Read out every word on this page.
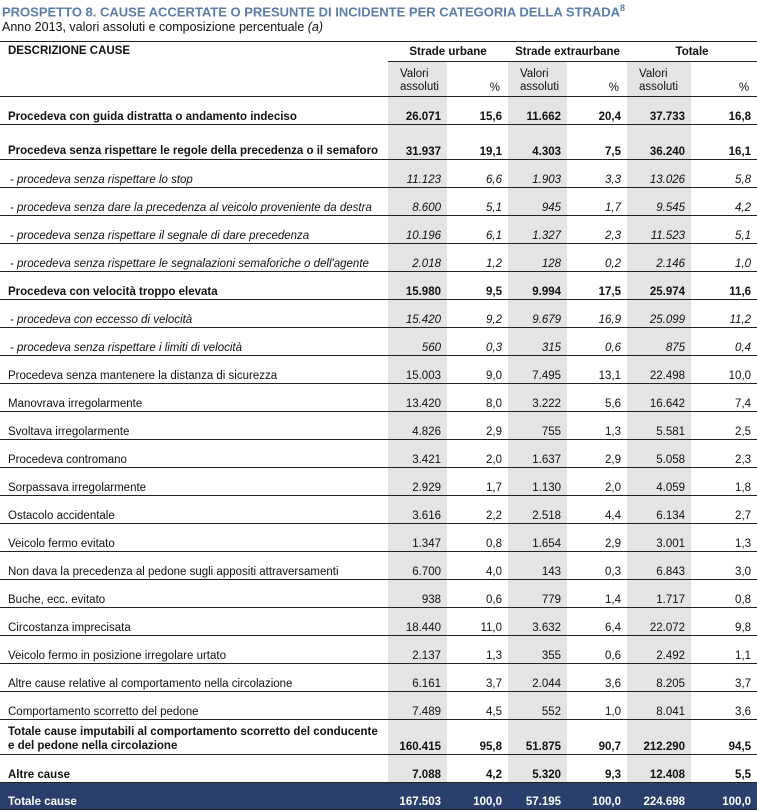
PROSPETTO 8. CAUSE ACCERTATE O PRESUNTE DI INCIDENTE PER CATEGORIA DELLA STRADA$^8$
Anno 2013, valori assoluti e composizione percentuale (a)
DESCRIZIONE CAUSE	Strade urbane		Strade extraurbane		Totale	
	Valori assoluti	%	Valori assoluti	%	Valori assoluti	%
Procedeva con guida distratta o andamento indeciso	26.071	15,6	11.662	20,4	37.733	16,8
Procedeva senza rispettare le regole della precedenza o il semaforo	31.937	19,1	4.303	7,5	36.240	16,1
- procedeva senza rispettare lo stop	11.123	6,6	1.903	3,3	13.026	5,8
- procedeva senza dare la precedenza al veicolo proveniente da destra	8.600	5,1	945	1,7	9.545	4,2
- procedeva senza rispettare il segnale di dare precedenza	10.196	6,1	1.327	2,3	11.523	5,1
- procedeva senza rispettare le segnalazioni semaforiche o dell'agente	2.018	1,2	128	0,2	2.146	1,0
Procedeva con velocità troppo elevata	15.980	9,5	9.994	17,5	25.974	11,6
- procedeva con eccesso di velocità	15.420	9,2	9.679	16,9	25.099	11,2
- procedeva senza rispettare i limiti di velocità	560	0,3	315	0,6	875	0,4
Procedeva senza mantenere la distanza di sicurezza	15.003	9,0	7.495	13,1	22.498	10,0
Manovrava irregolarmente	13.420	8,0	3.222	5,6	16.642	7,4
Svoltava irregolarmente	4.826	2,9	755	1,3	5.581	2,5
Procedeva contromano	3.421	2,0	1.637	2,9	5.058	2,3
Sorpassava irregolarmente	2.929	1,7	1.130	2,0	4.059	1,8
Ostacolo accidentale	3.616	2,2	2.518	4,4	6.134	2,7
Veicolo fermo evitato	1.347	0,8	1.654	2,9	3.001	1,3
Non dava la precedenza al pedone sugli appositi attraversamenti	6.700	4,0	143	0,3	6.843	3,0
Buche, ecc. evitato	938	0,6	779	1,4	1.717	0,8
Circostanza imprecisata	18.440	11,0	3.632	6,4	22.072	9,8
Veicolo fermo in posizione irregolare urtato	2.137	1,3	355	0,6	2.492	1,1
Altre cause relative al comportamento nella circolazione	6.161	3,7	2.044	3,6	8.205	3,7
Comportamento scorretto del pedone	7.489	4,5	552	1,0	8.041	3,6
Totale cause imputabili al comportamento scorretto del conducente e del pedone nella circolazione	160.415	95,8	51.875	90,7	212.290	94,5
Altre cause	7.088	4,2	5.320	9,3	12.408	5,5
Totale cause	167.503	100,0	57.195	100,0	224.698	100,0
